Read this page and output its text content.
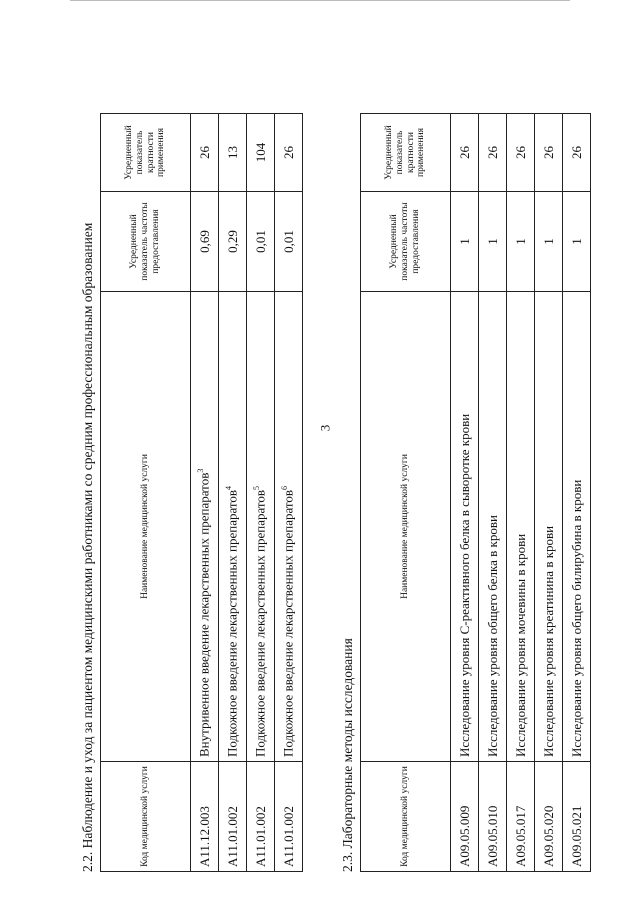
3
2.2. Наблюдение и уход за пациентом медицинскими работниками со средним профессиональным образованием	Код медицинской услуги	Наименование медицинской услуги	Усредненный показатель частоты предоставления	Усредненный показатель кратности применения
A11.12.003	Внутривенное введение лекарственных препаратов$^3$	0,69	26
A11.01.002	Подкожное введение лекарственных препаратов$^4$	0,29	13
A11.01.002	Подкожное введение лекарственных препаратов$^5$	0,01	104
A11.01.002	Подкожное введение лекарственных препаратов$^6$	0,01	26
2.3. Лабораторные методы исследования	Код медицинской услуги	Наименование медицинской услуги	Усредненный показатель частоты предоставления	Усредненный показатель кратности применения
A09.05.009	Исследование уровня С-реактивного белка в сыворотке крови	1	26
A09.05.010	Исследование уровня общего белка в крови	1	26
A09.05.017	Исследование уровня мочевины в крови	1	26
A09.05.020	Исследование уровня креатинина в крови	1	26
A09.05.021	Исследование уровня общего билирубина в крови	1	26
